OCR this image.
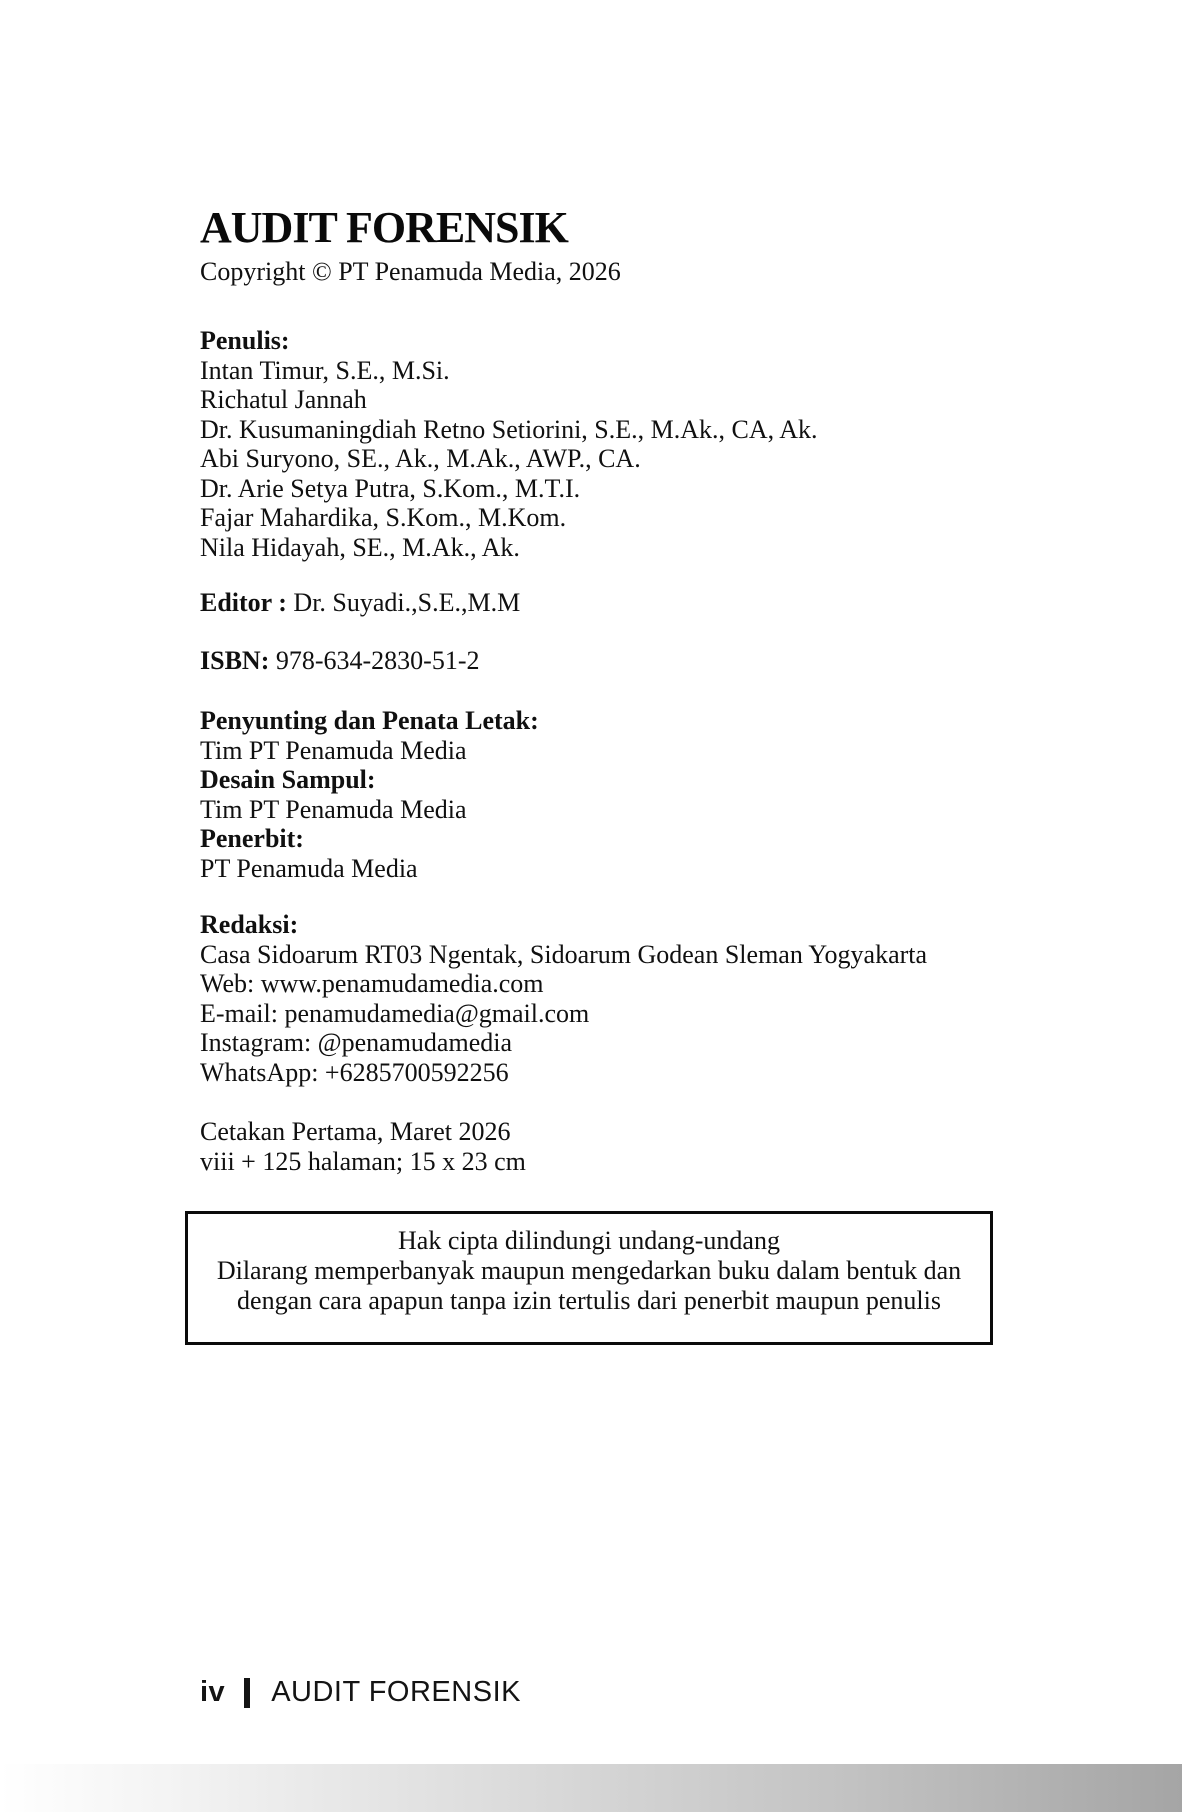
AUDIT FORENSIK
Copyright © PT Penamuda Media, 2026
Penulis:
Intan Timur, S.E., M.Si.
Richatul Jannah
Dr. Kusumaningdiah Retno Setiorini, S.E., M.Ak., CA, Ak.
Abi Suryono, SE., Ak., M.Ak., AWP., CA.
Dr. Arie Setya Putra, S.Kom., M.T.I.
Fajar Mahardika, S.Kom., M.Kom.
Nila Hidayah, SE., M.Ak., Ak.
Editor : Dr. Suyadi.,S.E.,M.M
ISBN: 978-634-2830-51-2
Penyunting dan Penata Letak:
Tim PT Penamuda Media
Desain Sampul:
Tim PT Penamuda Media
Penerbit:
PT Penamuda Media
Redaksi:
Casa Sidoarum RT03 Ngentak, Sidoarum Godean Sleman Yogyakarta
Web: www.penamudamedia.com
E-mail: penamudamedia@gmail.com
Instagram: @penamudamedia
WhatsApp: +6285700592256
Cetakan Pertama, Maret 2026
viii + 125 halaman; 15 x 23 cm
Hak cipta dilindungi undang-undang
Dilarang memperbanyak maupun mengedarkan buku dalam bentuk dan
dengan cara apapun tanpa izin tertulis dari penerbit maupun penulis
iv AUDIT FORENSIK
